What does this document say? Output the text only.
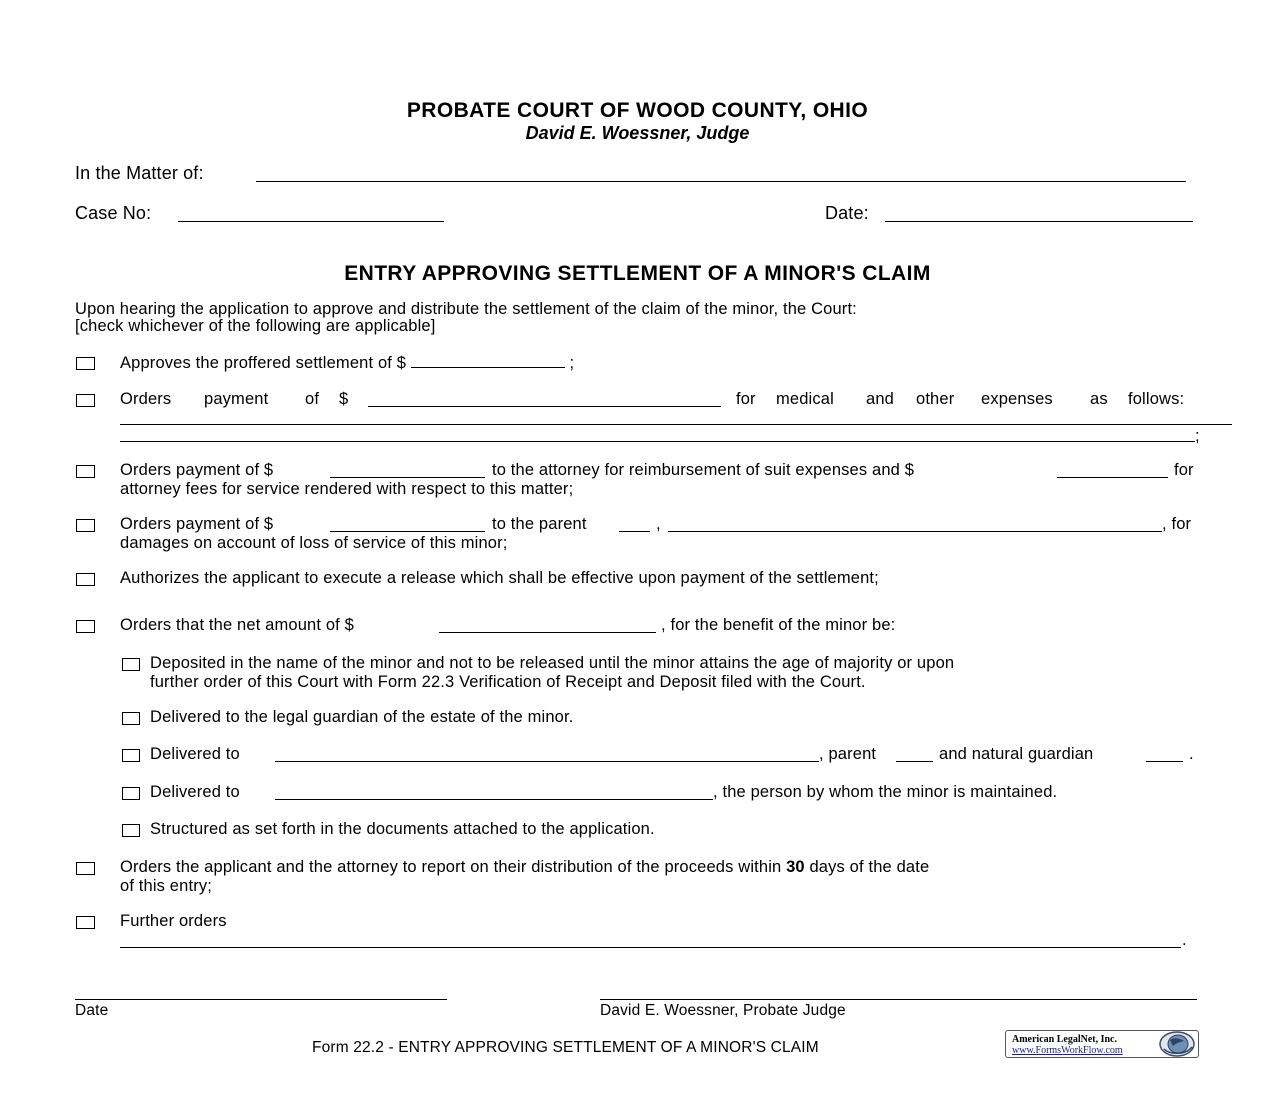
PROBATE COURT OF WOOD COUNTY, OHIO
David E. Woessner, Judge
In the Matter of:
Case No:	Date:
ENTRY APPROVING SETTLEMENT OF A MINOR'S CLAIM
Upon hearing the application to approve and distribute the settlement of the claim of the minor, the Court:
[check whichever of the following are applicable]
Approves the proffered settlement of $	;
Orders payment of $	for medical and other expenses as follows:
;
Orders payment of $	to the attorney for reimbursement of suit expenses and $	for
attorney fees for service rendered with respect to this matter;
Orders payment of $	to the parent	,	, for
damages on account of loss of service of this minor;
Authorizes the applicant to execute a release which shall be effective upon payment of the settlement;
Orders that the net amount of $	, for the benefit of the minor be:
Deposited in the name of the minor and not to be released until the minor attains the age of majority or upon
further order of this Court with Form 22.3 Verification of Receipt and Deposit filed with the Court.
Delivered to the legal guardian of the estate of the minor.
Delivered to	, parent	and natural guardian	.
Delivered to	, the person by whom the minor is maintained.
Structured as set forth in the documents attached to the application.
Orders the applicant and the attorney to report on their distribution of the proceeds within 30 days of the date
of this entry;
Further orders
.
Date	David E. Woessner, Probate Judge
Form 22.2 - ENTRY APPROVING SETTLEMENT OF A MINOR'S CLAIM	American LegalNet, Inc.
www.FormsWorkFlow.com
